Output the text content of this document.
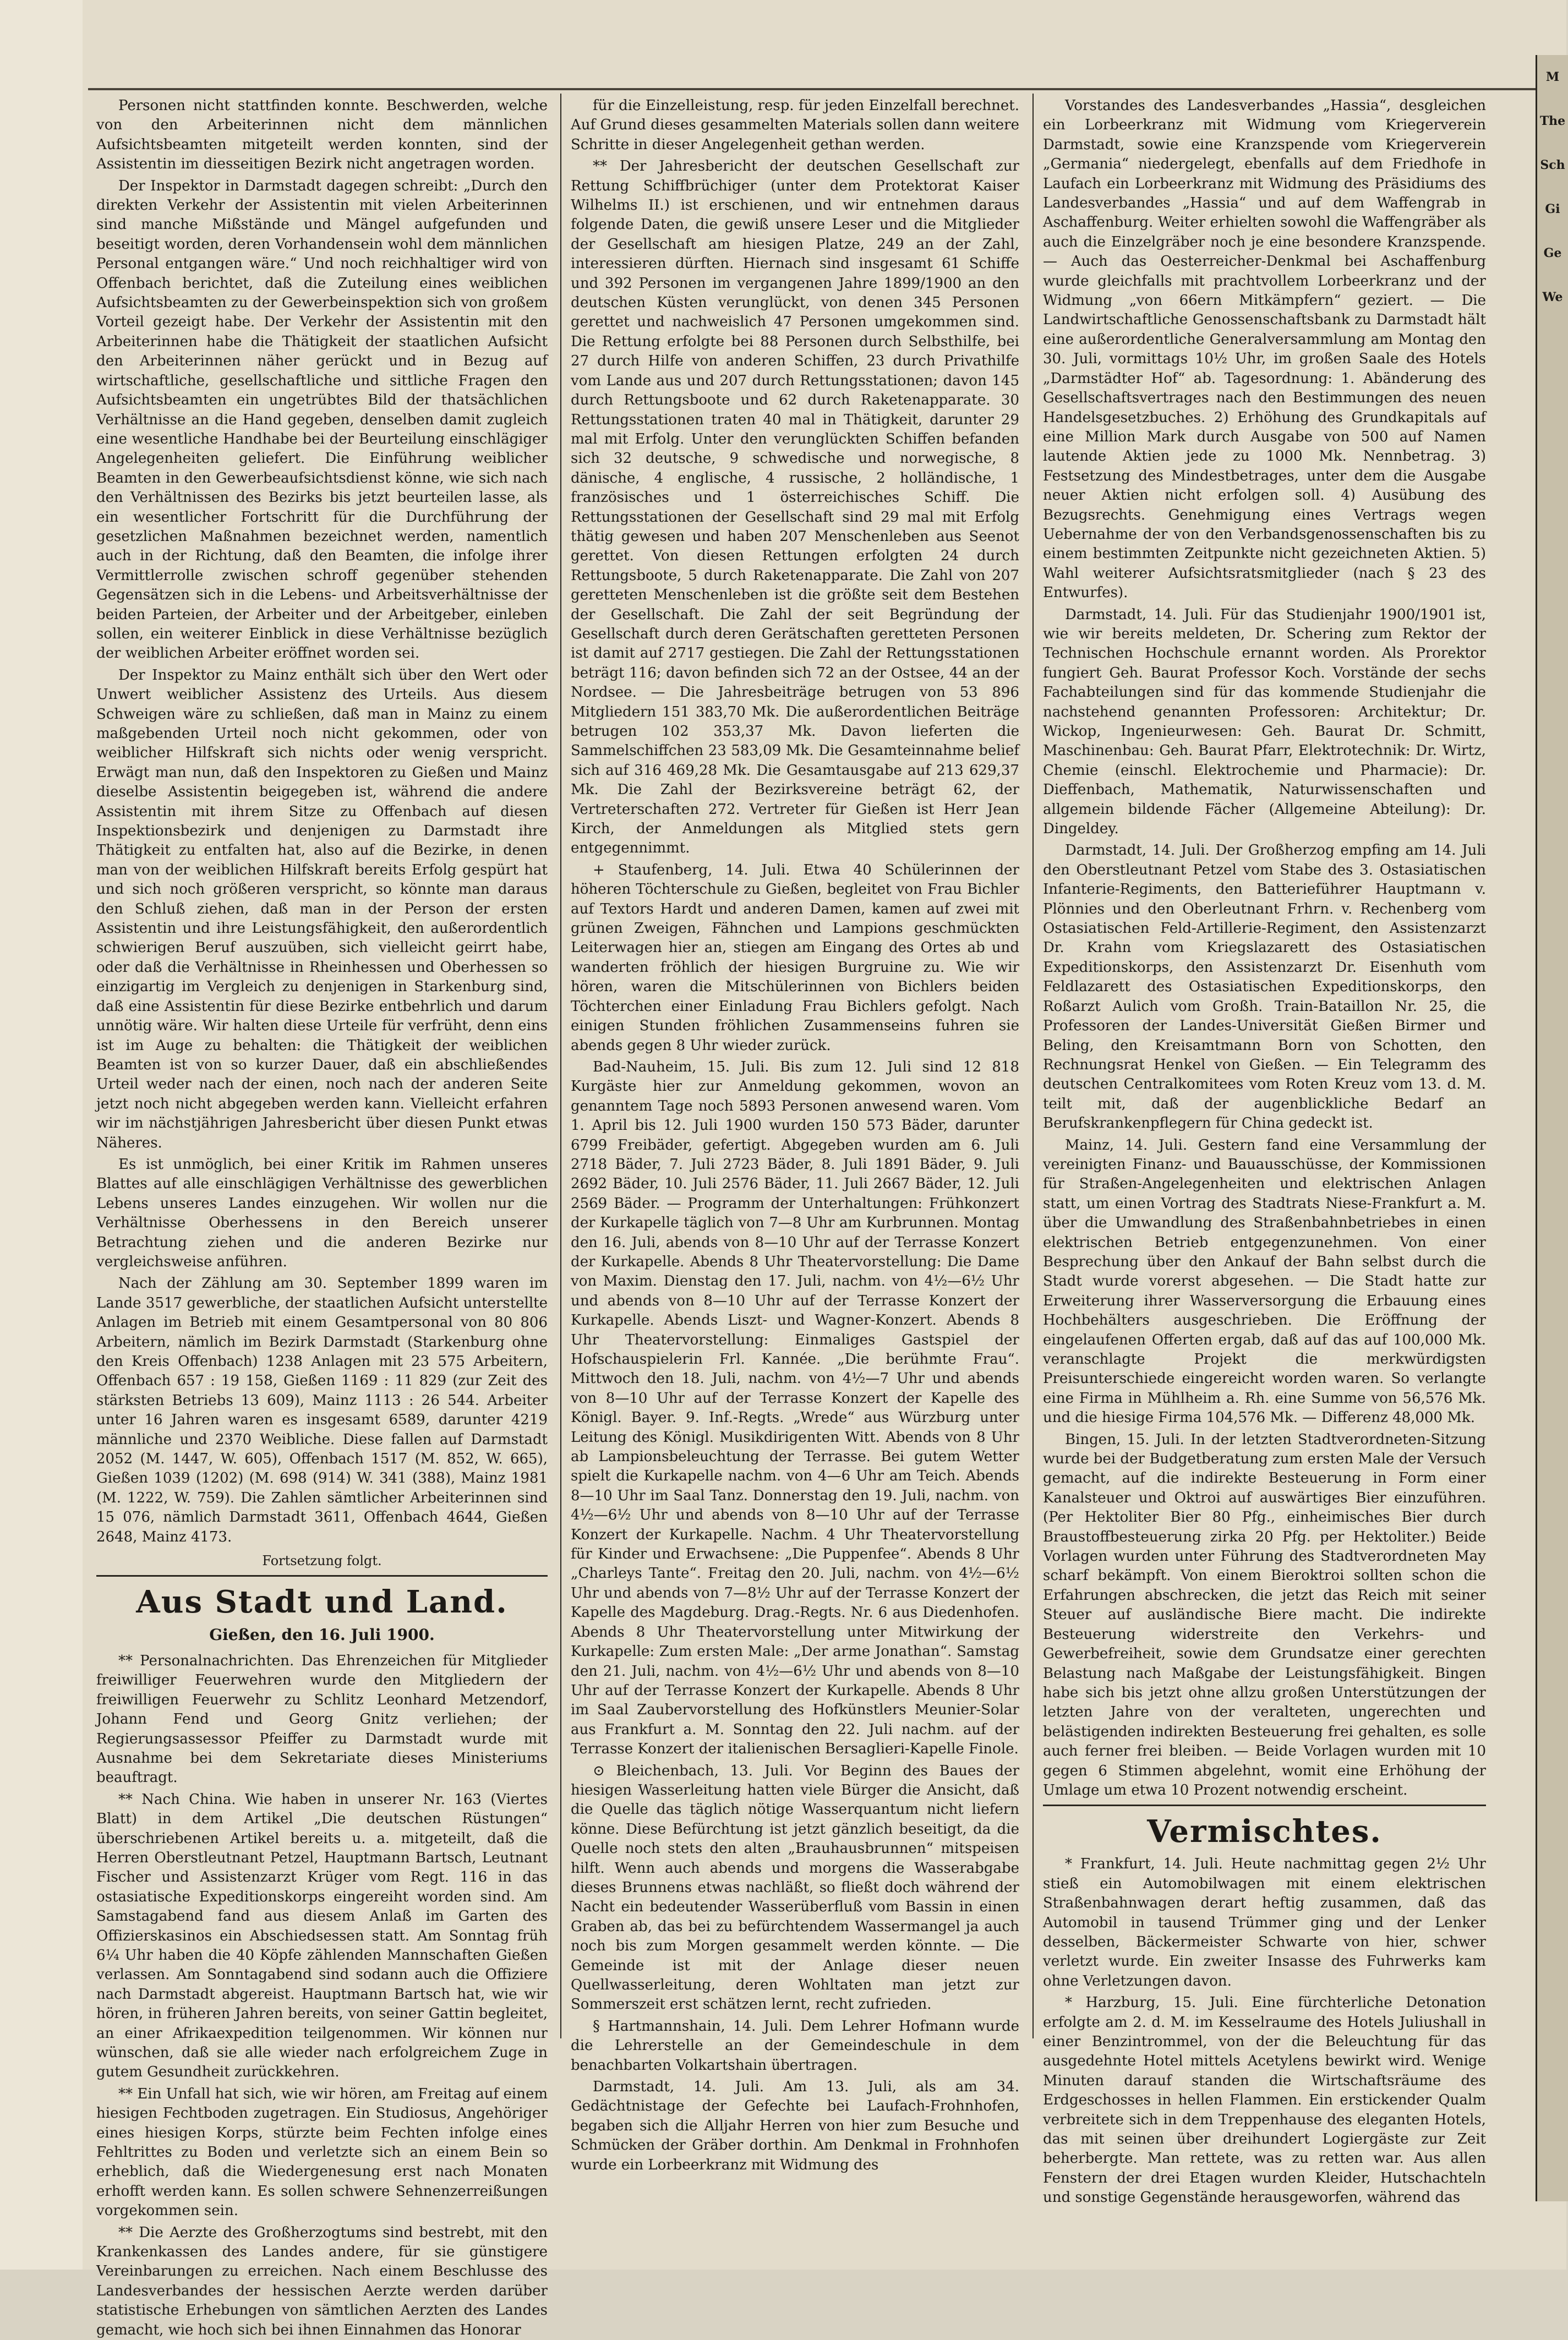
Personen nicht stattfinden konnte. Beschwerden, welche von den Arbeiterinnen nicht dem männlichen Aufsichtsbeamten mitgeteilt werden konnten, sind der Assistentin im diesseitigen Bezirk nicht angetragen worden.

Der Inspektor in Darmstadt dagegen schreibt: „Durch den direkten Verkehr der Assistentin mit vielen Arbeiterinnen sind manche Mißstände und Mängel aufgefunden und beseitigt worden, deren Vorhandensein wohl dem männlichen Personal entgangen wäre.“ Und noch reichhaltiger wird von Offenbach berichtet, daß die Zuteilung eines weiblichen Aufsichtsbeamten zu der Gewerbeinspektion sich von großem Vorteil gezeigt habe. Der Verkehr der Assistentin mit den Arbeiterinnen habe die Thätigkeit der staatlichen Aufsicht den Arbeiterinnen näher gerückt und in Bezug auf wirtschaftliche, gesellschaftliche und sittliche Fragen den Aufsichtsbeamten ein ungetrübtes Bild der thatsächlichen Verhältnisse an die Hand gegeben, denselben damit zugleich eine wesentliche Handhabe bei der Beurteilung einschlägiger Angelegenheiten geliefert. Die Einführung weiblicher Beamten in den Gewerbeaufsichtsdienst könne, wie sich nach den Verhältnissen des Bezirks bis jetzt beurteilen lasse, als ein wesentlicher Fortschritt für die Durchführung der gesetzlichen Maßnahmen bezeichnet werden, namentlich auch in der Richtung, daß den Beamten, die infolge ihrer Vermittlerrolle zwischen schroff gegenüber stehenden Gegensätzen sich in die Lebens- und Arbeitsverhältnisse der beiden Parteien, der Arbeiter und der Arbeitgeber, einleben sollen, ein weiterer Einblick in diese Verhältnisse bezüglich der weiblichen Arbeiter eröffnet worden sei.

Der Inspektor zu Mainz enthält sich über den Wert oder Unwert weiblicher Assistenz des Urteils. Aus diesem Schweigen wäre zu schließen, daß man in Mainz zu einem maßgebenden Urteil noch nicht gekommen, oder von weiblicher Hilfskraft sich nichts oder wenig verspricht. Erwägt man nun, daß den Inspektoren zu Gießen und Mainz dieselbe Assistentin beigegeben ist, während die andere Assistentin mit ihrem Sitze zu Offenbach auf diesen Inspektionsbezirk und denjenigen zu Darmstadt ihre Thätigkeit zu entfalten hat, also auf die Bezirke, in denen man von der weiblichen Hilfskraft bereits Erfolg gespürt hat und sich noch größeren verspricht, so könnte man daraus den Schluß ziehen, daß man in der Person der ersten Assistentin und ihre Leistungsfähigkeit, den außerordentlich schwierigen Beruf auszuüben, sich vielleicht geirrt habe, oder daß die Verhältnisse in Rheinhessen und Oberhessen so einzigartig im Vergleich zu denjenigen in Starkenburg sind, daß eine Assistentin für diese Bezirke entbehrlich und darum unnötig wäre. Wir halten diese Urteile für verfrüht, denn eins ist im Auge zu behalten: die Thätigkeit der weiblichen Beamten ist von so kurzer Dauer, daß ein abschließendes Urteil weder nach der einen, noch nach der anderen Seite jetzt noch nicht abgegeben werden kann. Vielleicht erfahren wir im nächstjährigen Jahresbericht über diesen Punkt etwas Näheres.

Es ist unmöglich, bei einer Kritik im Rahmen unseres Blattes auf alle einschlägigen Verhältnisse des gewerblichen Lebens unseres Landes einzugehen. Wir wollen nur die Verhältnisse Oberhessens in den Bereich unserer Betrachtung ziehen und die anderen Bezirke nur vergleichsweise anführen.

Nach der Zählung am 30. September 1899 waren im Lande 3517 gewerbliche, der staatlichen Aufsicht unterstellte Anlagen im Betrieb mit einem Gesamtpersonal von 80 806 Arbeitern, nämlich im Bezirk Darmstadt (Starkenburg ohne den Kreis Offenbach) 1238 Anlagen mit 23 575 Arbeitern, Offenbach 657 : 19 158, Gießen 1169 : 11 829 (zur Zeit des stärksten Betriebs 13 609), Mainz 1113 : 26 544. Arbeiter unter 16 Jahren waren es insgesamt 6589, darunter 4219 männliche und 2370 Weibliche. Diese fallen auf Darmstadt 2052 (M. 1447, W. 605), Offenbach 1517 (M. 852, W. 665), Gießen 1039 (1202) (M. 698 (914) W. 341 (388), Mainz 1981 (M. 1222, W. 759). Die Zahlen sämtlicher Arbeiterinnen sind 15 076, nämlich Darmstadt 3611, Offenbach 4644, Gießen 2648, Mainz 4173.

Fortsetzung folgt.
Aus Stadt und Land.
Gießen, den 16. Juli 1900.

** Personalnachrichten. Das Ehrenzeichen für Mitglieder freiwilliger Feuerwehren wurde den Mitgliedern der freiwilligen Feuerwehr zu Schlitz Leonhard Metzendorf, Johann Fend und Georg Gnitz verliehen; der Regierungsassessor Pfeiffer zu Darmstadt wurde mit Ausnahme bei dem Sekretariate dieses Ministeriums beauftragt.

** Nach China. Wie haben in unserer Nr. 163 (Viertes Blatt) in dem Artikel „Die deutschen Rüstungen“ überschriebenen Artikel bereits u. a. mitgeteilt, daß die Herren Oberstleutnant Petzel, Hauptmann Bartsch, Leutnant Fischer und Assistenzarzt Krüger vom Regt. 116 in das ostasiatische Expeditionskorps eingereiht worden sind. Am Samstagabend fand aus diesem Anlaß im Garten des Offizierskasinos ein Abschiedsessen statt. Am Sonntag früh 6¼ Uhr haben die 40 Köpfe zählenden Mannschaften Gießen verlassen. Am Sonntagabend sind sodann auch die Offiziere nach Darmstadt abgereist. Hauptmann Bartsch hat, wie wir hören, in früheren Jahren bereits, von seiner Gattin begleitet, an einer Afrikaexpedition teilgenommen. Wir können nur wünschen, daß sie alle wieder nach erfolgreichem Zuge in gutem Gesundheit zurückkehren.

** Ein Unfall hat sich, wie wir hören, am Freitag auf einem hiesigen Fechtboden zugetragen. Ein Studiosus, Angehöriger eines hiesigen Korps, stürzte beim Fechten infolge eines Fehltrittes zu Boden und verletzte sich an einem Bein so erheblich, daß die Wiedergenesung erst nach Monaten erhofft werden kann. Es sollen schwere Sehnenzerreißungen vorgekommen sein.

** Die Aerzte des Großherzogtums sind bestrebt, mit den Krankenkassen des Landes andere, für sie günstigere Vereinbarungen zu erreichen. Nach einem Beschlusse des Landesverbandes der hessischen Aerzte werden darüber statistische Erhebungen von sämtlichen Aerzten des Landes gemacht, wie hoch sich bei ihnen Einnahmen das Honorar

für die Einzelleistung, resp. für jeden Einzelfall berechnet. Auf Grund dieses gesammelten Materials sollen dann weitere Schritte in dieser Angelegenheit gethan werden.

** Der Jahresbericht der deutschen Gesellschaft zur Rettung Schiffbrüchiger (unter dem Protektorat Kaiser Wilhelms II.) ist erschienen, und wir entnehmen daraus folgende Daten, die gewiß unsere Leser und die Mitglieder der Gesellschaft am hiesigen Platze, 249 an der Zahl, interessieren dürften. Hiernach sind insgesamt 61 Schiffe und 392 Personen im vergangenen Jahre 1899/1900 an den deutschen Küsten verunglückt, von denen 345 Personen gerettet und nachweislich 47 Personen umgekommen sind. Die Rettung erfolgte bei 88 Personen durch Selbsthilfe, bei 27 durch Hilfe von anderen Schiffen, 23 durch Privathilfe vom Lande aus und 207 durch Rettungsstationen; davon 145 durch Rettungsboote und 62 durch Raketenapparate. 30 Rettungsstationen traten 40 mal in Thätigkeit, darunter 29 mal mit Erfolg. Unter den verunglückten Schiffen befanden sich 32 deutsche, 9 schwedische und norwegische, 8 dänische, 4 englische, 4 russische, 2 holländische, 1 französisches und 1 österreichisches Schiff. Die Rettungsstationen der Gesellschaft sind 29 mal mit Erfolg thätig gewesen und haben 207 Menschenleben aus Seenot gerettet. Von diesen Rettungen erfolgten 24 durch Rettungsboote, 5 durch Raketenapparate. Die Zahl von 207 geretteten Menschenleben ist die größte seit dem Bestehen der Gesellschaft. Die Zahl der seit Begründung der Gesellschaft durch deren Gerätschaften geretteten Personen ist damit auf 2717 gestiegen. Die Zahl der Rettungsstationen beträgt 116; davon befinden sich 72 an der Ostsee, 44 an der Nordsee. — Die Jahresbeiträge betrugen von 53 896 Mitgliedern 151 383,70 Mk. Die außerordentlichen Beiträge betrugen 102 353,37 Mk. Davon lieferten die Sammelschiffchen 23 583,09 Mk. Die Gesamteinnahme belief sich auf 316 469,28 Mk. Die Gesamtausgabe auf 213 629,37 Mk. Die Zahl der Bezirksvereine beträgt 62, der Vertreterschaften 272. Vertreter für Gießen ist Herr Jean Kirch, der Anmeldungen als Mitglied stets gern entgegennimmt.

+ Staufenberg, 14. Juli. Etwa 40 Schülerinnen der höheren Töchterschule zu Gießen, begleitet von Frau Bichler auf Textors Hardt und anderen Damen, kamen auf zwei mit grünen Zweigen, Fähnchen und Lampions geschmückten Leiterwagen hier an, stiegen am Eingang des Ortes ab und wanderten fröhlich der hiesigen Burgruine zu. Wie wir hören, waren die Mitschülerinnen von Bichlers beiden Töchterchen einer Einladung Frau Bichlers gefolgt. Nach einigen Stunden fröhlichen Zusammenseins fuhren sie abends gegen 8 Uhr wieder zurück.

Bad-Nauheim, 15. Juli. Bis zum 12. Juli sind 12 818 Kurgäste hier zur Anmeldung gekommen, wovon an genanntem Tage noch 5893 Personen anwesend waren. Vom 1. April bis 12. Juli 1900 wurden 150 573 Bäder, darunter 6799 Freibäder, gefertigt. Abgegeben wurden am 6. Juli 2718 Bäder, 7. Juli 2723 Bäder, 8. Juli 1891 Bäder, 9. Juli 2692 Bäder, 10. Juli 2576 Bäder, 11. Juli 2667 Bäder, 12. Juli 2569 Bäder. — Programm der Unterhaltungen: Frühkonzert der Kurkapelle täglich von 7—8 Uhr am Kurbrunnen. Montag den 16. Juli, abends von 8—10 Uhr auf der Terrasse Konzert der Kurkapelle. Abends 8 Uhr Theatervorstellung: Die Dame von Maxim. Dienstag den 17. Juli, nachm. von 4½—6½ Uhr und abends von 8—10 Uhr auf der Terrasse Konzert der Kurkapelle. Abends Liszt- und Wagner-Konzert. Abends 8 Uhr Theatervorstellung: Einmaliges Gastspiel der Hofschauspielerin Frl. Kannée. „Die berühmte Frau“. Mittwoch den 18. Juli, nachm. von 4½—7 Uhr und abends von 8—10 Uhr auf der Terrasse Konzert der Kapelle des Königl. Bayer. 9. Inf.-Regts. „Wrede“ aus Würzburg unter Leitung des Königl. Musikdirigenten Witt. Abends von 8 Uhr ab Lampionsbeleuchtung der Terrasse. Bei gutem Wetter spielt die Kurkapelle nachm. von 4—6 Uhr am Teich. Abends 8—10 Uhr im Saal Tanz. Donnerstag den 19. Juli, nachm. von 4½—6½ Uhr und abends von 8—10 Uhr auf der Terrasse Konzert der Kurkapelle. Nachm. 4 Uhr Theatervorstellung für Kinder und Erwachsene: „Die Puppenfee“. Abends 8 Uhr „Charleys Tante“. Freitag den 20. Juli, nachm. von 4½—6½ Uhr und abends von 7—8½ Uhr auf der Terrasse Konzert der Kapelle des Magdeburg. Drag.-Regts. Nr. 6 aus Diedenhofen. Abends 8 Uhr Theatervorstellung unter Mitwirkung der Kurkapelle: Zum ersten Male: „Der arme Jonathan“. Samstag den 21. Juli, nachm. von 4½—6½ Uhr und abends von 8—10 Uhr auf der Terrasse Konzert der Kurkapelle. Abends 8 Uhr im Saal Zaubervorstellung des Hofkünstlers Meunier-Solar aus Frankfurt a. M. Sonntag den 22. Juli nachm. auf der Terrasse Konzert der italienischen Bersaglieri-Kapelle Finole.

⊙ Bleichenbach, 13. Juli. Vor Beginn des Baues der hiesigen Wasserleitung hatten viele Bürger die Ansicht, daß die Quelle das täglich nötige Wasserquantum nicht liefern könne. Diese Befürchtung ist jetzt gänzlich beseitigt, da die Quelle noch stets den alten „Brauhausbrunnen“ mitspeisen hilft. Wenn auch abends und morgens die Wasserabgabe dieses Brunnens etwas nachläßt, so fließt doch während der Nacht ein bedeutender Wasserüberfluß vom Bassin in einen Graben ab, das bei zu befürchtendem Wassermangel ja auch noch bis zum Morgen gesammelt werden könnte. — Die Gemeinde ist mit der Anlage dieser neuen Quellwasserleitung, deren Wohltaten man jetzt zur Sommerszeit erst schätzen lernt, recht zufrieden.

§ Hartmannshain, 14. Juli. Dem Lehrer Hofmann wurde die Lehrerstelle an der Gemeindeschule in dem benachbarten Volkartshain übertragen.

Darmstadt, 14. Juli. Am 13. Juli, als am 34. Gedächtnistage der Gefechte bei Laufach-Frohnhofen, begaben sich die Alljahr Herren von hier zum Besuche und Schmücken der Gräber dorthin. Am Denkmal in Frohnhofen wurde ein Lorbeerkranz mit Widmung des

Vorstandes des Landesverbandes „Hassia“, desgleichen ein Lorbeerkranz mit Widmung vom Kriegerverein Darmstadt, sowie eine Kranzspende vom Kriegerverein „Germania“ niedergelegt, ebenfalls auf dem Friedhofe in Laufach ein Lorbeerkranz mit Widmung des Präsidiums des Landesverbandes „Hassia“ und auf dem Waffengrab in Aschaffenburg. Weiter erhielten sowohl die Waffengräber als auch die Einzelgräber noch je eine besondere Kranzspende. — Auch das Oesterreicher-Denkmal bei Aschaffenburg wurde gleichfalls mit prachtvollem Lorbeerkranz und der Widmung „von 66ern Mitkämpfern“ geziert. — Die Landwirtschaftliche Genossenschaftsbank zu Darmstadt hält eine außerordentliche Generalversammlung am Montag den 30. Juli, vormittags 10½ Uhr, im großen Saale des Hotels „Darmstädter Hof“ ab. Tagesordnung: 1. Abänderung des Gesellschaftsvertrages nach den Bestimmungen des neuen Handelsgesetzbuches. 2) Erhöhung des Grundkapitals auf eine Million Mark durch Ausgabe von 500 auf Namen lautende Aktien jede zu 1000 Mk. Nennbetrag. 3) Festsetzung des Mindestbetrages, unter dem die Ausgabe neuer Aktien nicht erfolgen soll. 4) Ausübung des Bezugsrechts. Genehmigung eines Vertrags wegen Uebernahme der von den Verbandsgenossenschaften bis zu einem bestimmten Zeitpunkte nicht gezeichneten Aktien. 5) Wahl weiterer Aufsichtsratsmitglieder (nach § 23 des Entwurfes).

Darmstadt, 14. Juli. Für das Studienjahr 1900/1901 ist, wie wir bereits meldeten, Dr. Schering zum Rektor der Technischen Hochschule ernannt worden. Als Prorektor fungiert Geh. Baurat Professor Koch. Vorstände der sechs Fachabteilungen sind für das kommende Studienjahr die nachstehend genannten Professoren: Architektur; Dr. Wickop, Ingenieurwesen: Geh. Baurat Dr. Schmitt, Maschinenbau: Geh. Baurat Pfarr, Elektrotechnik: Dr. Wirtz, Chemie (einschl. Elektrochemie und Pharmacie): Dr. Dieffenbach, Mathematik, Naturwissenschaften und allgemein bildende Fächer (Allgemeine Abteilung): Dr. Dingeldey.

Darmstadt, 14. Juli. Der Großherzog empfing am 14. Juli den Oberstleutnant Petzel vom Stabe des 3. Ostasiatischen Infanterie-Regiments, den Batterieführer Hauptmann v. Plönnies und den Oberleutnant Frhrn. v. Rechenberg vom Ostasiatischen Feld-Artillerie-Regiment, den Assistenzarzt Dr. Krahn vom Kriegslazarett des Ostasiatischen Expeditionskorps, den Assistenzarzt Dr. Eisenhuth vom Feldlazarett des Ostasiatischen Expeditionskorps, den Roßarzt Aulich vom Großh. Train-Bataillon Nr. 25, die Professoren der Landes-Universität Gießen Birmer und Beling, den Kreisamtmann Born von Schotten, den Rechnungsrat Henkel von Gießen. — Ein Telegramm des deutschen Centralkomitees vom Roten Kreuz vom 13. d. M. teilt mit, daß der augenblickliche Bedarf an Berufskrankenpflegern für China gedeckt ist.

Mainz, 14. Juli. Gestern fand eine Versammlung der vereinigten Finanz- und Bauausschüsse, der Kommissionen für Straßen-Angelegenheiten und elektrischen Anlagen statt, um einen Vortrag des Stadtrats Niese-Frankfurt a. M. über die Umwandlung des Straßenbahnbetriebes in einen elektrischen Betrieb entgegenzunehmen. Von einer Besprechung über den Ankauf der Bahn selbst durch die Stadt wurde vorerst abgesehen. — Die Stadt hatte zur Erweiterung ihrer Wasserversorgung die Erbauung eines Hochbehälters ausgeschrieben. Die Eröffnung der eingelaufenen Offerten ergab, daß auf das auf 100,000 Mk. veranschlagte Projekt die merkwürdigsten Preisunterschiede eingereicht worden waren. So verlangte eine Firma in Mühlheim a. Rh. eine Summe von 56,576 Mk. und die hiesige Firma 104,576 Mk. — Differenz 48,000 Mk.

Bingen, 15. Juli. In der letzten Stadtverordneten-Sitzung wurde bei der Budgetberatung zum ersten Male der Versuch gemacht, auf die indirekte Besteuerung in Form einer Kanalsteuer und Oktroi auf auswärtiges Bier einzuführen. (Per Hektoliter Bier 80 Pfg., einheimisches Bier durch Braustoffbesteuerung zirka 20 Pfg. per Hektoliter.) Beide Vorlagen wurden unter Führung des Stadtverordneten May scharf bekämpft. Von einem Bieroktroi sollten schon die Erfahrungen abschrecken, die jetzt das Reich mit seiner Steuer auf ausländische Biere macht. Die indirekte Besteuerung widerstreite den Verkehrs- und Gewerbefreiheit, sowie dem Grundsatze einer gerechten Belastung nach Maßgabe der Leistungsfähigkeit. Bingen habe sich bis jetzt ohne allzu großen Unterstützungen der letzten Jahre von der veralteten, ungerechten und belästigenden indirekten Besteuerung frei gehalten, es solle auch ferner frei bleiben. — Beide Vorlagen wurden mit 10 gegen 6 Stimmen abgelehnt, womit eine Erhöhung der Umlage um etwa 10 Prozent notwendig erscheint.

Vermischtes.

* Frankfurt, 14. Juli. Heute nachmittag gegen 2½ Uhr stieß ein Automobilwagen mit einem elektrischen Straßenbahnwagen derart heftig zusammen, daß das Automobil in tausend Trümmer ging und der Lenker desselben, Bäckermeister Schwarte von hier, schwer verletzt wurde. Ein zweiter Insasse des Fuhrwerks kam ohne Verletzungen davon.

* Harzburg, 15. Juli. Eine fürchterliche Detonation erfolgte am 2. d. M. im Kesselraume des Hotels Juliushall in einer Benzintrommel, von der die Beleuchtung für das ausgedehnte Hotel mittels Acetylens bewirkt wird. Wenige Minuten darauf standen die Wirtschaftsräume des Erdgeschosses in hellen Flammen. Ein erstickender Qualm verbreitete sich in dem Treppenhause des eleganten Hotels, das mit seinen über dreihundert Logiergäste zur Zeit beherbergte. Man rettete, was zu retten war. Aus allen Fenstern der drei Etagen wurden Kleider, Hutschachteln und sonstige Gegenstände herausgeworfen, während das

M
The
Sch
Gi
Ge
We
